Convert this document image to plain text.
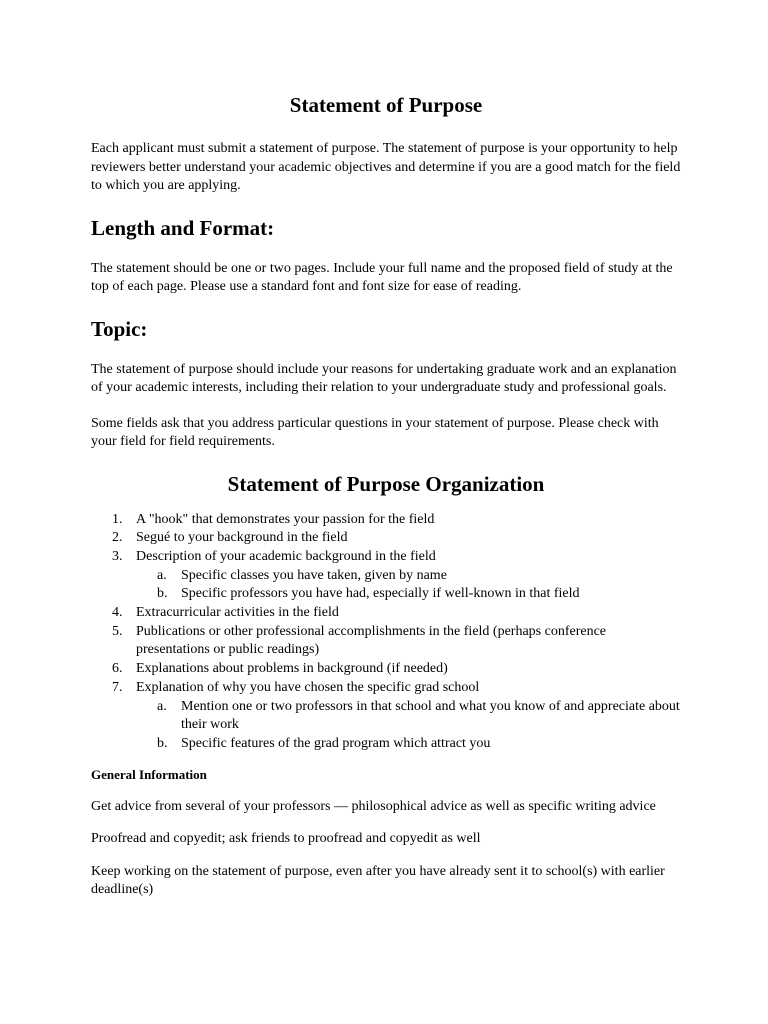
Statement of Purpose

Each applicant must submit a statement of purpose. The statement of purpose is your opportunity to help reviewers better understand your academic objectives and determine if you are a good match for the field to which you are applying.

Length and Format:

The statement should be one or two pages. Include your full name and the proposed field of study at the top of each page. Please use a standard font and font size for ease of reading.

Topic:

The statement of purpose should include your reasons for undertaking graduate work and an explanation of your academic interests, including their relation to your undergraduate study and professional goals.

Some fields ask that you address particular questions in your statement of purpose. Please check with your field for field requirements.

Statement of Purpose Organization
1. A "hook" that demonstrates your passion for the field
2. Segué to your background in the field
3. Description of your academic background in the field
a. Specific classes you have taken, given by name
b. Specific professors you have had, especially if well-known in that field
4. Extracurricular activities in the field
5. Publications or other professional accomplishments in the field (perhaps conference presentations or public readings)
6. Explanations about problems in background (if needed)
7. Explanation of why you have chosen the specific grad school
a. Mention one or two professors in that school and what you know of and appreciate about their work
b. Specific features of the grad program which attract you
General Information

Get advice from several of your professors — philosophical advice as well as specific writing advice

Proofread and copyedit; ask friends to proofread and copyedit as well

Keep working on the statement of purpose, even after you have already sent it to school(s) with earlier deadline(s)
